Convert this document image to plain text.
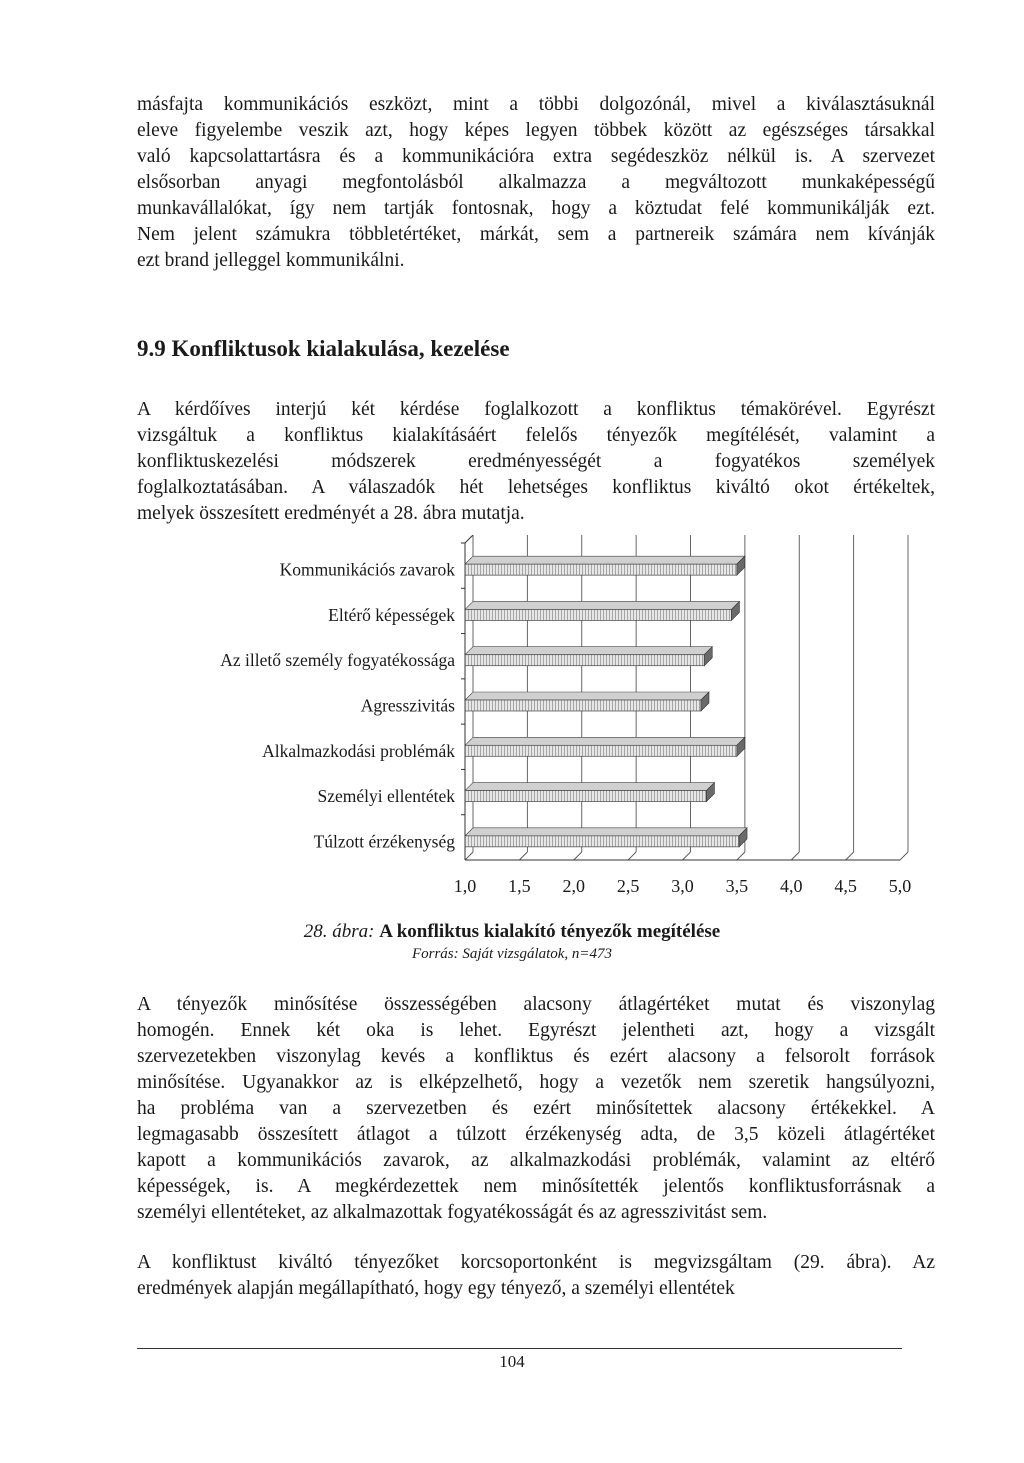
másfajta kommunikációs eszközt, mint a többi dolgozónál, mivel a kiválasztásuknál
eleve figyelembe veszik azt, hogy képes legyen többek között az egészséges társakkal
való kapcsolattartásra és a kommunikációra extra segédeszköz nélkül is. A szervezet
elsősorban anyagi megfontolásból alkalmazza a megváltozott munkaképességű
munkavállalókat, így nem tartják fontosnak, hogy a köztudat felé kommunikálják ezt.
Nem jelent számukra többletértéket, márkát, sem a partnereik számára nem kívánják
ezt brand jelleggel kommunikálni.
9.9 Konfliktusok kialakulása, kezelése
A kérdőíves interjú két kérdése foglalkozott a konfliktus témakörével. Egyrészt
vizsgáltuk a konfliktus kialakításáért felelős tényezők megítélését, valamint a
konfliktuskezelési módszerek eredményességét a fogyatékos személyek
foglalkoztatásában. A válaszadók hét lehetséges konfliktus kiváltó okot értékeltek,
melyek összesített eredményét a 28. ábra mutatja.
Kommunikációs zavarok
Eltérő képességek
Az illető személy fogyatékossága
Agresszivitás
Alkalmazkodási problémák
Személyi ellentétek
Túlzott érzékenység
1,0 1,5 2,0 2,5 3,0 3,5 4,0 4,5 5,0
28. ábra: A konfliktus kialakító tényezők megítélése
Forrás: Saját vizsgálatok, n=473
A tényezők minősítése összességében alacsony átlagértéket mutat és viszonylag
homogén. Ennek két oka is lehet. Egyrészt jelentheti azt, hogy a vizsgált
szervezetekben viszonylag kevés a konfliktus és ezért alacsony a felsorolt források
minősítése. Ugyanakkor az is elképzelhető, hogy a vezetők nem szeretik hangsúlyozni,
ha probléma van a szervezetben és ezért minősítettek alacsony értékekkel. A
legmagasabb összesített átlagot a túlzott érzékenység adta, de 3,5 közeli átlagértéket
kapott a kommunikációs zavarok, az alkalmazkodási problémák, valamint az eltérő
képességek, is. A megkérdezettek nem minősítették jelentős konfliktusforrásnak a
személyi ellentéteket, az alkalmazottak fogyatékosságát és az agresszivitást sem.
A konfliktust kiváltó tényezőket korcsoportonként is megvizsgáltam (29. ábra). Az
eredmények alapján megállapítható, hogy egy tényező, a személyi ellentétek
104
